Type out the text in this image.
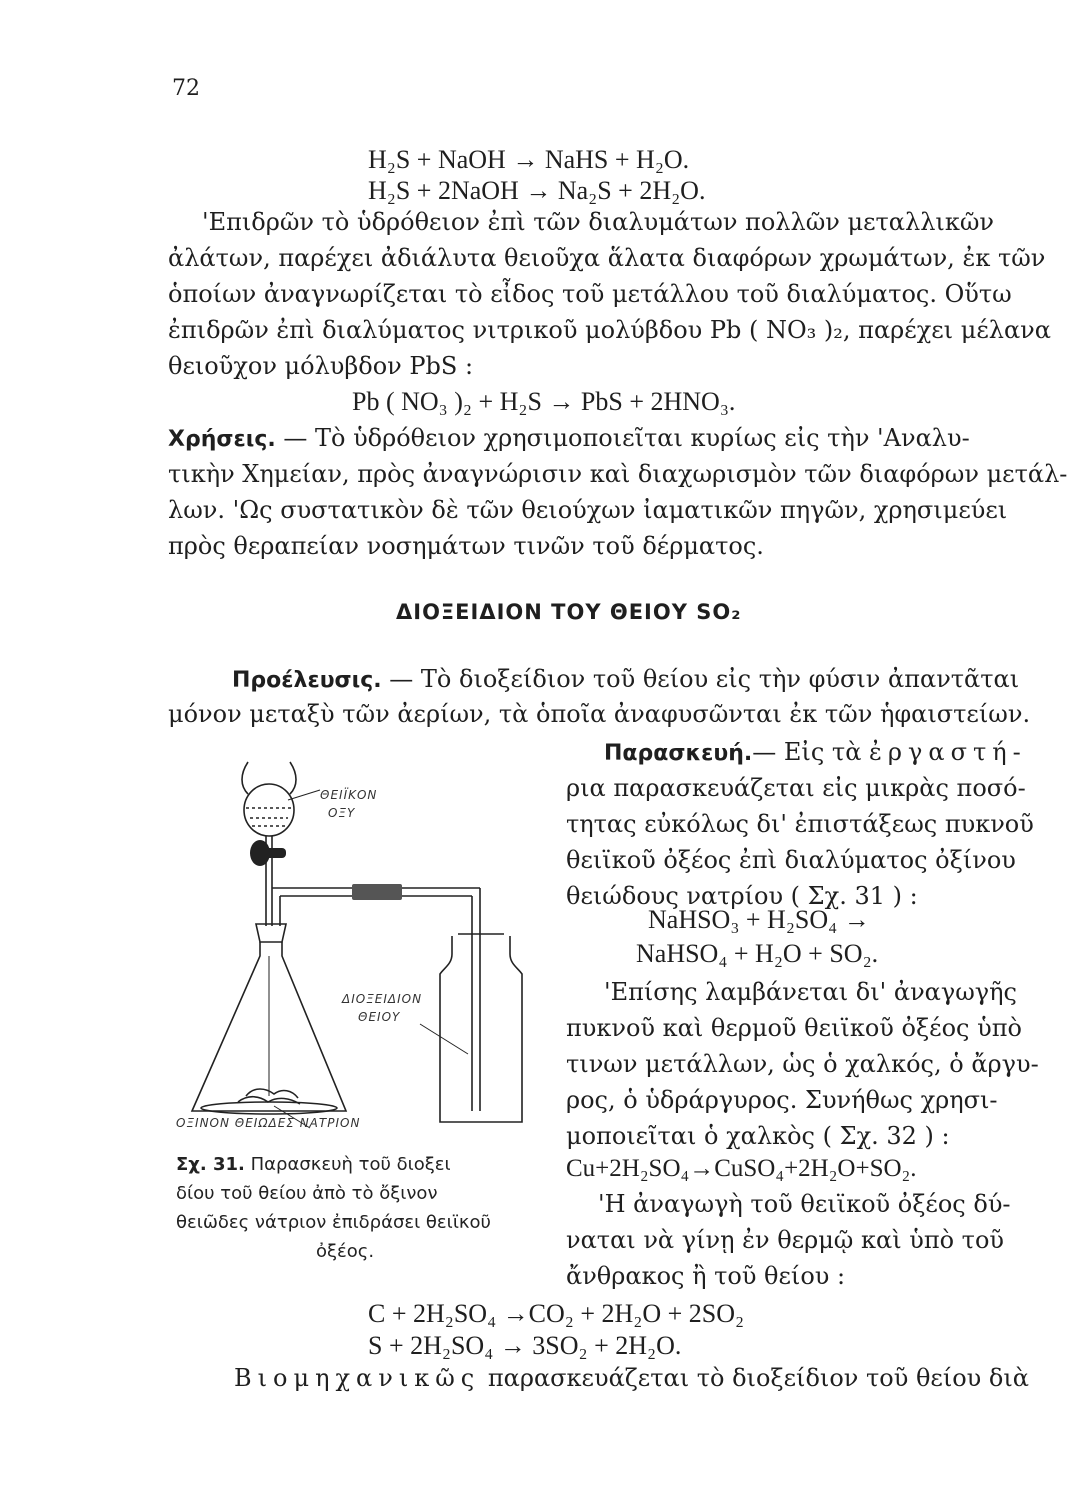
72
H₂S + NaOH → NaHS + H₂O.
H₂S + 2NaOH → Na₂S + 2H₂O.
'Επιδρῶν τὸ ὑδρόθειον ἐπὶ τῶν διαλυμάτων πολλῶν μεταλλικῶν
ἀλάτων, παρέχει ἀδιάλυτα θειοῦχα ἅλατα διαφόρων χρωμάτων, ἐκ τῶν
ὁποίων ἀναγνωρίζεται τὸ εἶδος τοῦ μετάλλου τοῦ διαλύματος. Οὕτω
ἐπιδρῶν ἐπὶ διαλύματος νιτρικοῦ μολύβδου Pb ( NO₃ )₂, παρέχει μέλανα
θειοῦχον μόλυβδον PbS :
Pb ( NO₃ )₂ + H₂S → PbS + 2HNO₃.
Χρήσεις. — Τὸ ὑδρόθειον χρησιμοποιεῖται κυρίως εἰς τὴν 'Αναλυ-
τικὴν Χημείαν, πρὸς ἀναγνώρισιν καὶ διαχωρισμὸν τῶν διαφόρων μετάλ-
λων. 'Ως συστατικὸν δὲ τῶν θειούχων ἰαματικῶν πηγῶν, χρησιμεύει
πρὸς θεραπείαν νοσημάτων τινῶν τοῦ δέρματος.
ΔΙΟΞΕΙΔΙΟΝ ΤΟΥ ΘΕΙΟΥ SO₂
Προέλευσις. — Τὸ διοξείδιον τοῦ θείου εἰς τὴν φύσιν ἀπαντᾶται
μόνον μεταξὺ τῶν ἀερίων, τὰ ὁποῖα ἀναφυσῶνται ἐκ τῶν ἡφαιστείων.
Παρασκευή.— Εἰς τὰ ἐργαστή-
ρια παρασκευάζεται εἰς μικρὰς ποσό-
τητας εὐκόλως δι' ἐπιστάξεως πυκνοῦ
θειϊκοῦ ὀξέος ἐπὶ διαλύματος ὀξίνου
θειώδους νατρίου ( Σχ. 31 ) :
NaHSO₃ + H₂SO₄ →
NaHSO₄ + H₂O + SO₂.
'Επίσης λαμβάνεται δι' ἀναγωγῆς
πυκνοῦ καὶ θερμοῦ θειϊκοῦ ὀξέος ὑπὸ
τινων μετάλλων, ὡς ὁ χαλκός, ὁ ἄργυ-
ρος, ὁ ὑδράργυρος. Συνήθως χρησι-
μοποιεῖται ὁ χαλκὸς ( Σχ. 32 ) :
Cu+2H₂SO₄→CuSO₄+2H₂O+SO₂.
'Η ἀναγωγὴ τοῦ θειϊκοῦ ὀξέος δύ-
ναται νὰ γίνῃ ἐν θερμῷ καὶ ὑπὸ τοῦ
ἄνθρακος ἢ τοῦ θείου :
C + 2H₂SO₄ →CO₂ + 2H₂O + 2SO₂
S + 2H₂SO₄ → 3SO₂ + 2H₂O.
Βιομηχανικῶς παρασκευάζεται τὸ διοξείδιον τοῦ θείου διὰ
ΘΕΙΪΚΟΝ
ΟΞΥ
ΔΙΟΞΕΙΔΙΟΝ
ΘΕΙΟΥ
ΟΞΙΝΟΝ ΘΕΙΩΔΕΣ ΝΑΤΡΙΟΝ
Σχ. 31. Παρασκευὴ τοῦ διοξει
δίου τοῦ θείου ἀπὸ τὸ ὄξινον
θειῶδες νάτριον ἐπιδράσει θειϊκοῦ
ὀξέος.
